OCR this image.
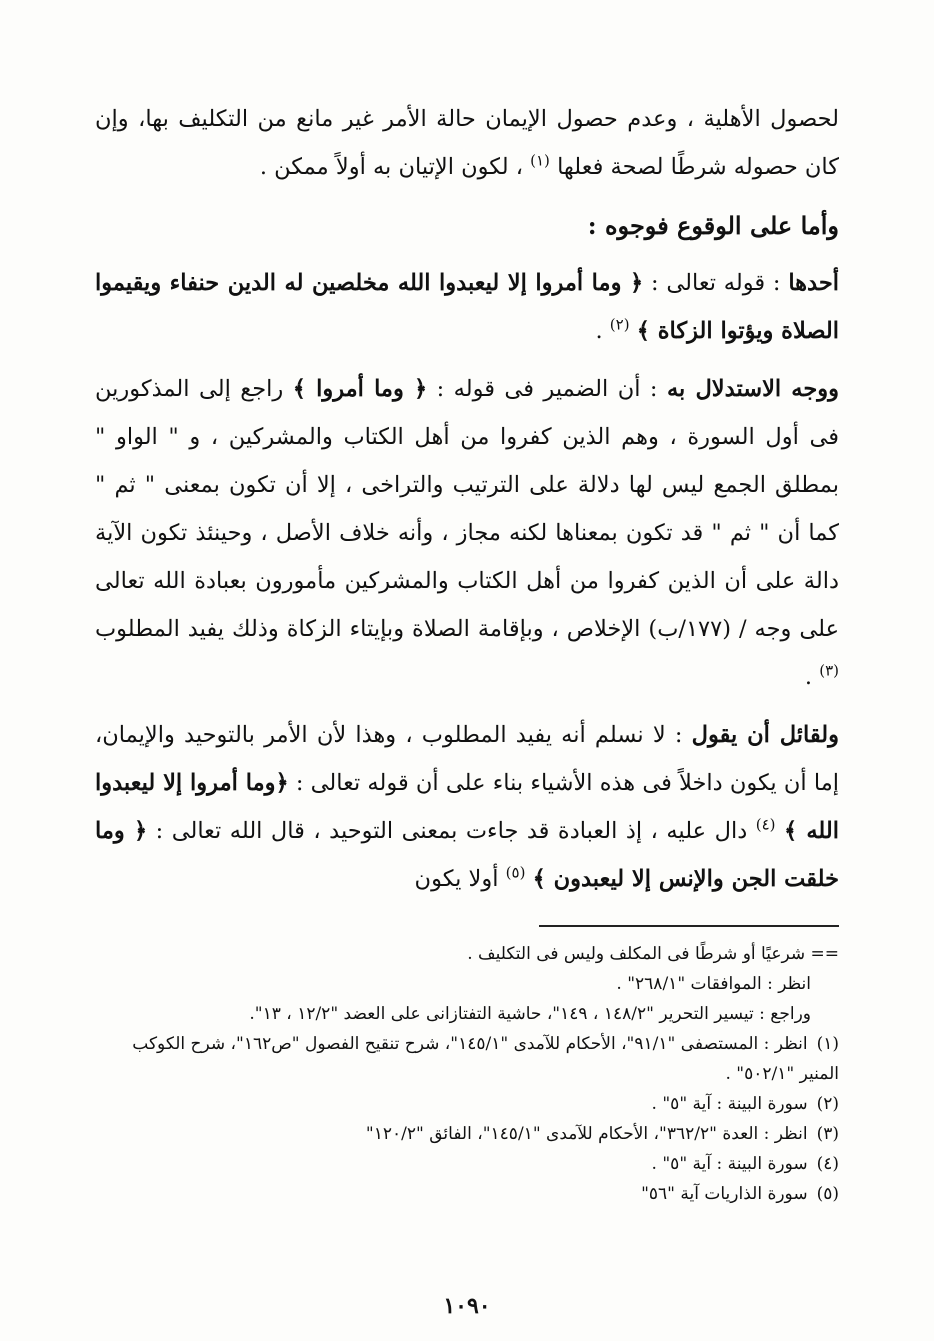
لحصول الأهلية ، وعدم حصول الإيمان حالة الأمر غير مانع من التكليف بها، وإن كان حصوله شرطًا لصحة فعلها $^{(١)}$ ، لكون الإتيان به أولاً ممكن .

وأما على الوقوع فوجوه :

أحدها : قوله تعالى : ﴿ وما أمروا إلا ليعبدوا الله مخلصين له الدين حنفاء ويقيموا الصلاة ويؤتوا الزكاة ﴾ $^{(٢)}$ .

ووجه الاستدلال به : أن الضمير فى قوله : ﴿ وما أمروا ﴾ راجع إلى المذكورين فى أول السورة ، وهم الذين كفروا من أهل الكتاب والمشركين ، و " الواو " بمطلق الجمع ليس لها دلالة على الترتيب والتراخى ، إلا أن تكون بمعنى " ثم " كما أن " ثم " قد تكون بمعناها لكنه مجاز ، وأنه خلاف الأصل ، وحينئذ تكون الآية دالة على أن الذين كفروا من أهل الكتاب والمشركين مأمورون بعبادة الله تعالى على وجه / (١٧٧/ب) الإخلاص ، وبإقامة الصلاة وبإيتاء الزكاة وذلك يفيد المطلوب $^{(٣)}$ .

ولقائل أن يقول : لا نسلم أنه يفيد المطلوب ، وهذا لأن الأمر بالتوحيد والإيمان، إما أن يكون داخلاً فى هذه الأشياء بناء على أن قوله تعالى : ﴿وما أمروا إلا ليعبدوا الله ﴾ $^{(٤)}$ دال عليه ، إذ العبادة قد جاءت بمعنى التوحيد ، قال الله تعالى : ﴿ وما خلقت الجن والإنس إلا ليعبدون ﴾ $^{(٥)}$ أولا يكون

== شرعيًا أو شرطًا فى المكلف وليس فى التكليف .

انظر : الموافقات "٢٦٨/١" .

وراجع : تيسير التحرير "١٤٨/٢ ، ١٤٩"، حاشية التفتازانى على العضد "١٢/٢ ، ١٣".

(١) انظر : المستصفى "٩١/١"، الأحكام للآمدى "١٤٥/١"، شرح تنقيح الفصول "ص١٦٢"، شرح الكوكب المنير "٥٠٢/١" .

(٢) سورة البينة : آية "٥" .

(٣) انظر : العدة "٣٦٢/٢"، الأحكام للآمدى "١٤٥/١"، الفائق "١٢٠/٢"

(٤) سورة البينة : آية "٥" .

(٥) سورة الذاريات آية "٥٦"

١٠٩٠
